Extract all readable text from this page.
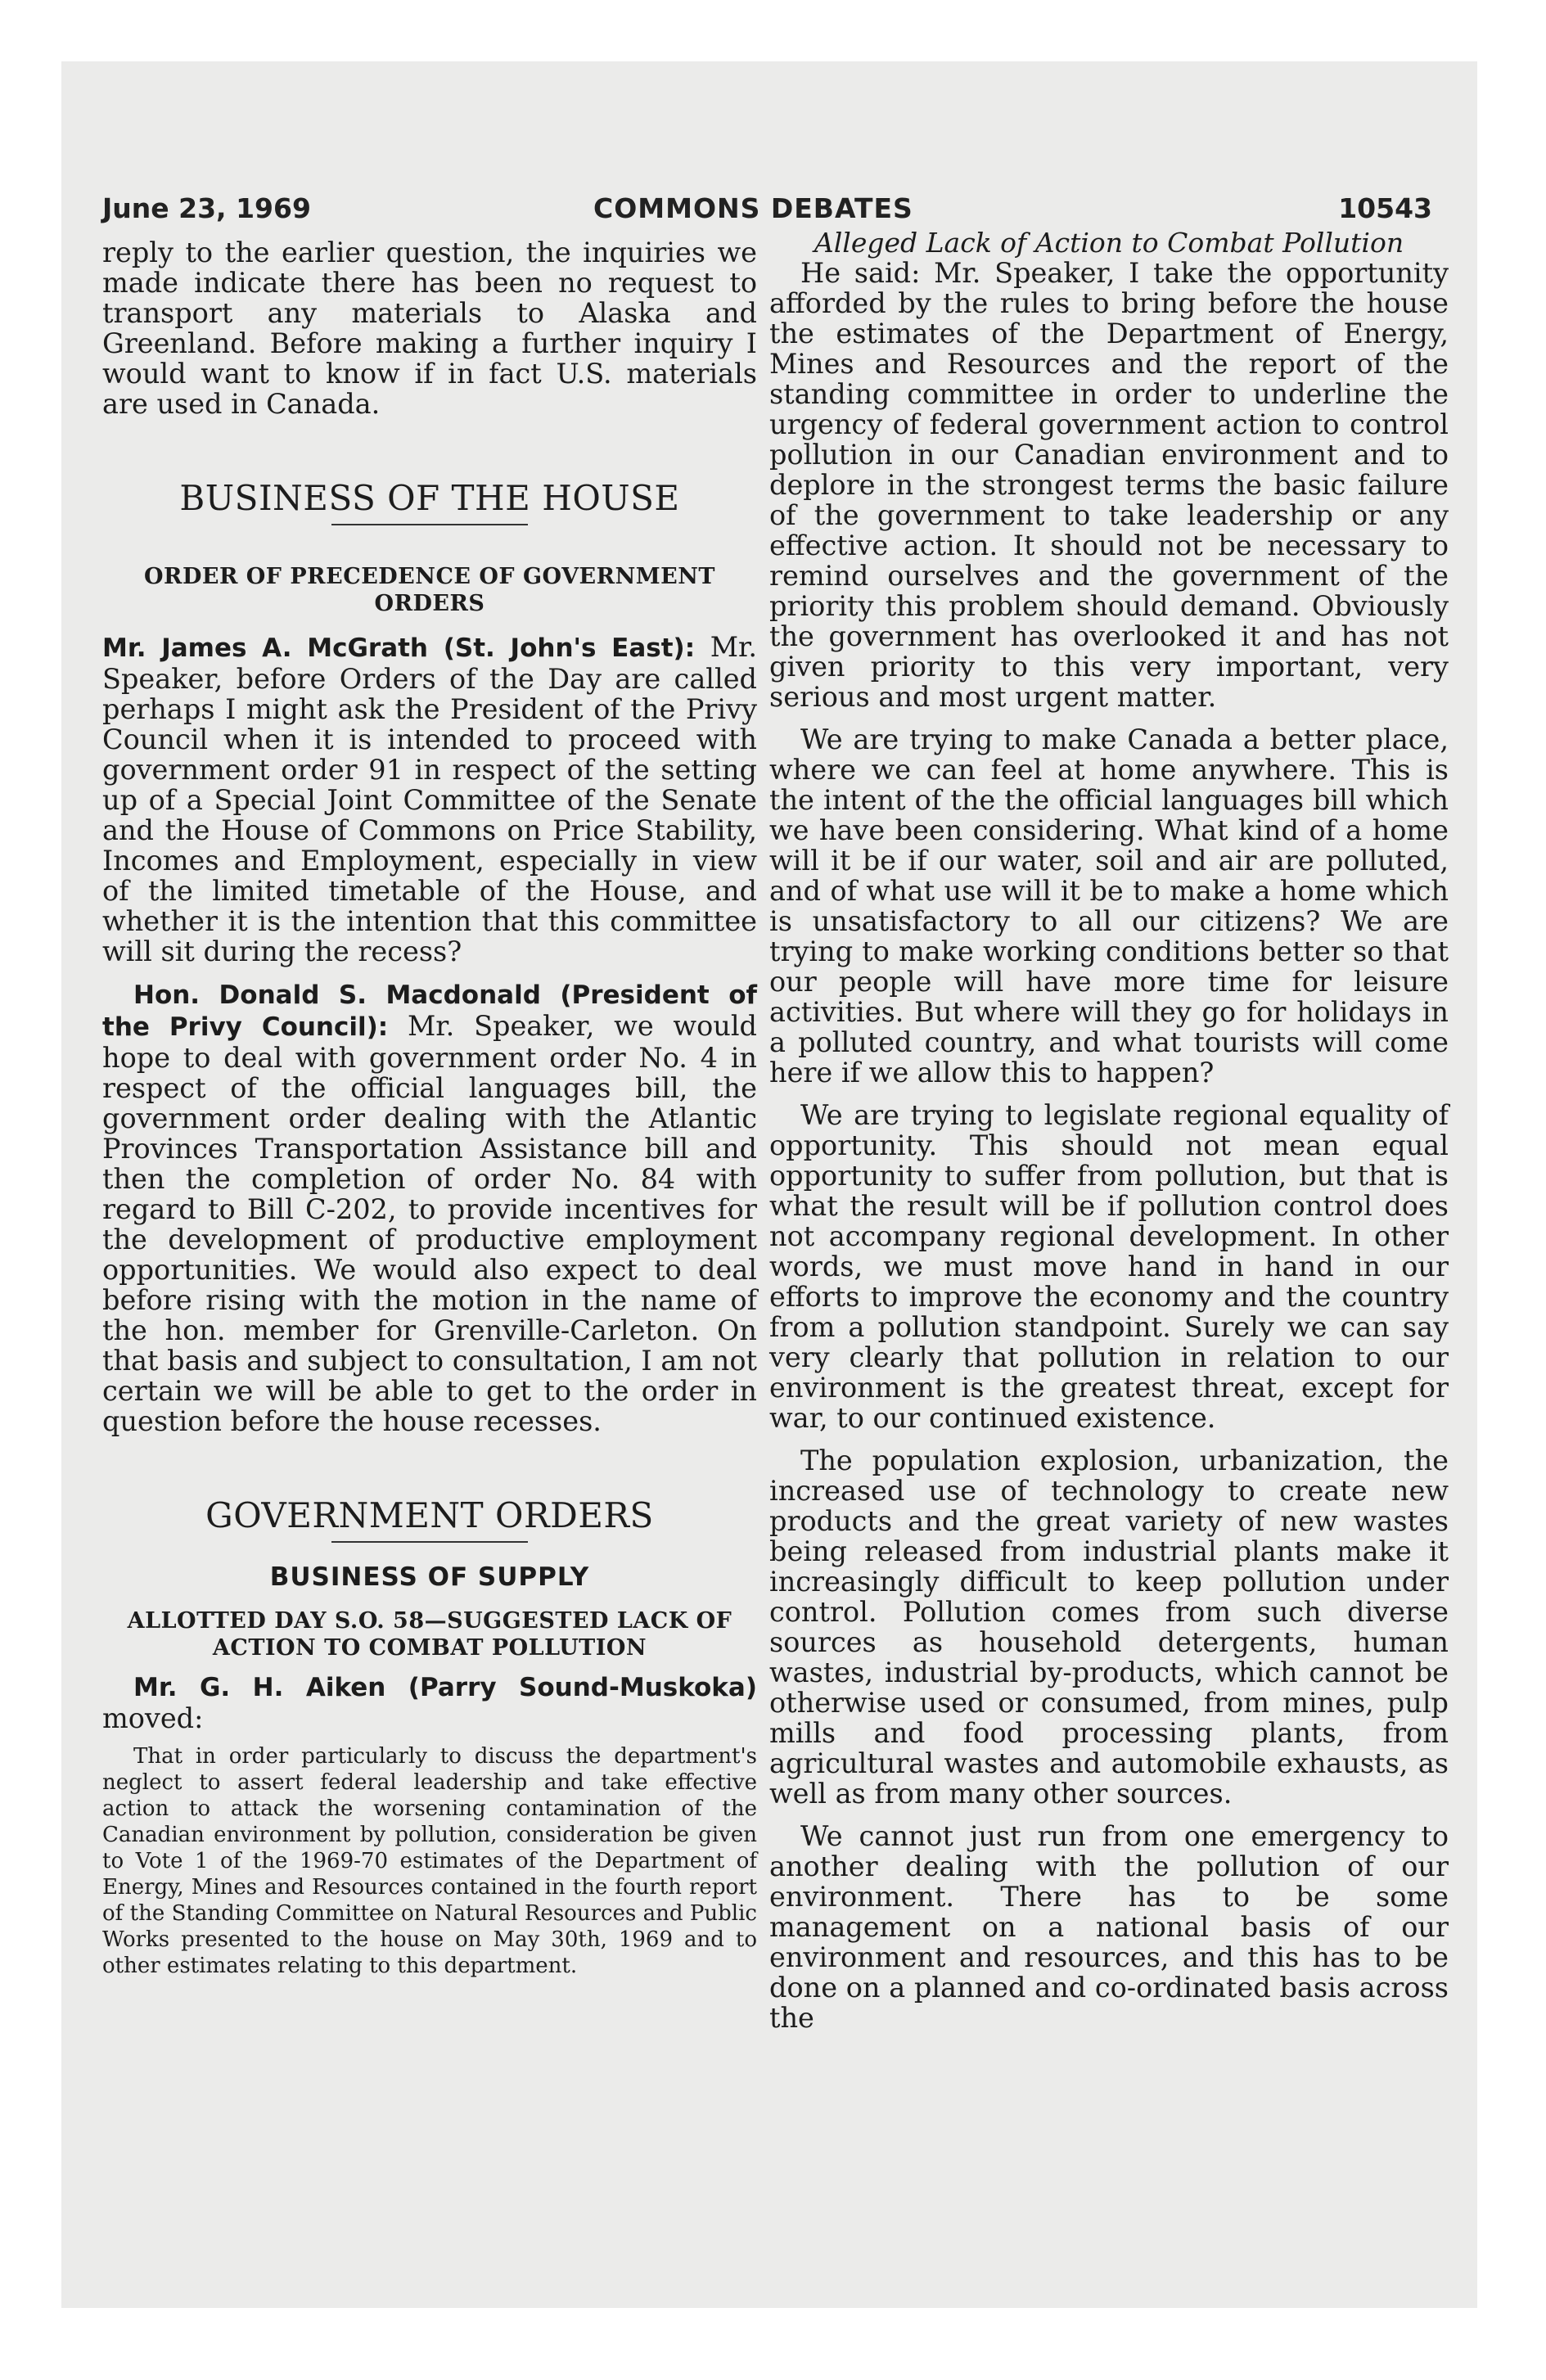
June 23, 1969	COMMONS DEBATES	10543

reply to the earlier question, the inquiries we made indicate there has been no request to transport any materials to Alaska and Greenland. Before making a further inquiry I would want to know if in fact U.S. materials are used in Canada.

BUSINESS OF THE HOUSE
ORDER OF PRECEDENCE OF GOVERNMENT ORDERS

Mr. James A. McGrath (St. John's East): Mr. Speaker, before Orders of the Day are called perhaps I might ask the President of the Privy Council when it is intended to proceed with government order 91 in respect of the setting up of a Special Joint Committee of the Senate and the House of Commons on Price Stability, Incomes and Employment, especially in view of the limited timetable of the House, and whether it is the intention that this committee will sit during the recess?

Hon. Donald S. Macdonald (President of the Privy Council): Mr. Speaker, we would hope to deal with government order No. 4 in respect of the official languages bill, the government order dealing with the Atlantic Provinces Transportation Assistance bill and then the completion of order No. 84 with regard to Bill C-202, to provide incentives for the development of productive employment opportunities. We would also expect to deal before rising with the motion in the name of the hon. member for Grenville-Carleton. On that basis and subject to consultation, I am not certain we will be able to get to the order in question before the house recesses.

GOVERNMENT ORDERS
BUSINESS OF SUPPLY
ALLOTTED DAY S.O. 58—SUGGESTED LACK OF ACTION TO COMBAT POLLUTION

Mr. G. H. Aiken (Parry Sound-Muskoka) moved:

That in order particularly to discuss the department's neglect to assert federal leadership and take effective action to attack the worsening contamination of the Canadian environment by pollution, consideration be given to Vote 1 of the 1969-70 estimates of the Department of Energy, Mines and Resources contained in the fourth report of the Standing Committee on Natural Resources and Public Works presented to the house on May 30th, 1969 and to other estimates relating to this department.

Alleged Lack of Action to Combat Pollution

He said: Mr. Speaker, I take the opportunity afforded by the rules to bring before the house the estimates of the Department of Energy, Mines and Resources and the report of the standing committee in order to underline the urgency of federal government action to control pollution in our Canadian environment and to deplore in the strongest terms the basic failure of the government to take leadership or any effective action. It should not be necessary to remind ourselves and the government of the priority this problem should demand. Obviously the government has overlooked it and has not given priority to this very important, very serious and most urgent matter.

We are trying to make Canada a better place, where we can feel at home anywhere. This is the intent of the the official languages bill which we have been considering. What kind of a home will it be if our water, soil and air are polluted, and of what use will it be to make a home which is unsatisfactory to all our citizens? We are trying to make working conditions better so that our people will have more time for leisure activities. But where will they go for holidays in a polluted country, and what tourists will come here if we allow this to happen?

We are trying to legislate regional equality of opportunity. This should not mean equal opportunity to suffer from pollution, but that is what the result will be if pollution control does not accompany regional development. In other words, we must move hand in hand in our efforts to improve the economy and the country from a pollution standpoint. Surely we can say very clearly that pollution in relation to our environment is the greatest threat, except for war, to our continued existence.

The population explosion, urbanization, the increased use of technology to create new products and the great variety of new wastes being released from industrial plants make it increasingly difficult to keep pollution under control. Pollution comes from such diverse sources as household detergents, human wastes, industrial by-products, which cannot be otherwise used or consumed, from mines, pulp mills and food processing plants, from agricultural wastes and automobile exhausts, as well as from many other sources.

We cannot just run from one emergency to another dealing with the pollution of our environment. There has to be some management on a national basis of our environment and resources, and this has to be done on a planned and co-ordinated basis across the
